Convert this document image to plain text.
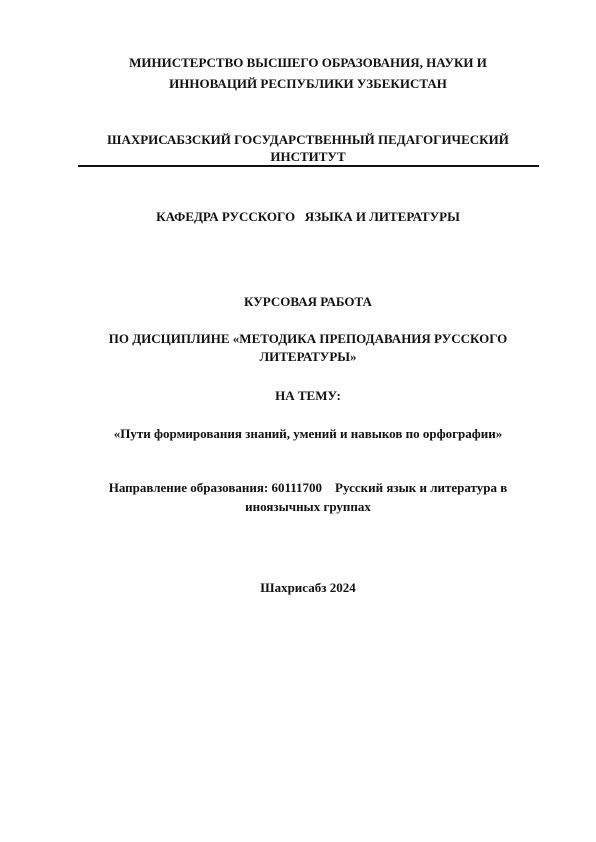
МИНИСТЕРСТВО ВЫСШЕГО ОБРАЗОВАНИЯ, НАУКИ И
ИННОВАЦИЙ РЕСПУБЛИКИ УЗБЕКИСТАН
ШАХРИСАБЗСКИЙ ГОСУДАРСТВЕННЫЙ ПЕДАГОГИЧЕСКИЙ
ИНСТИТУТ
КАФЕДРА РУССКОГО   ЯЗЫКА И ЛИТЕРАТУРЫ
КУРСОВАЯ РАБОТА
ПО ДИСЦИПЛИНЕ «МЕТОДИКА ПРЕПОДАВАНИЯ РУССКОГО
ЛИТЕРАТУРЫ»
НА ТЕМУ:
«Пути формирования знаний, умений и навыков по орфографии»
Направление образования: 60111700    Русский язык и литература в
иноязычных группах
Шахрисабз 2024
